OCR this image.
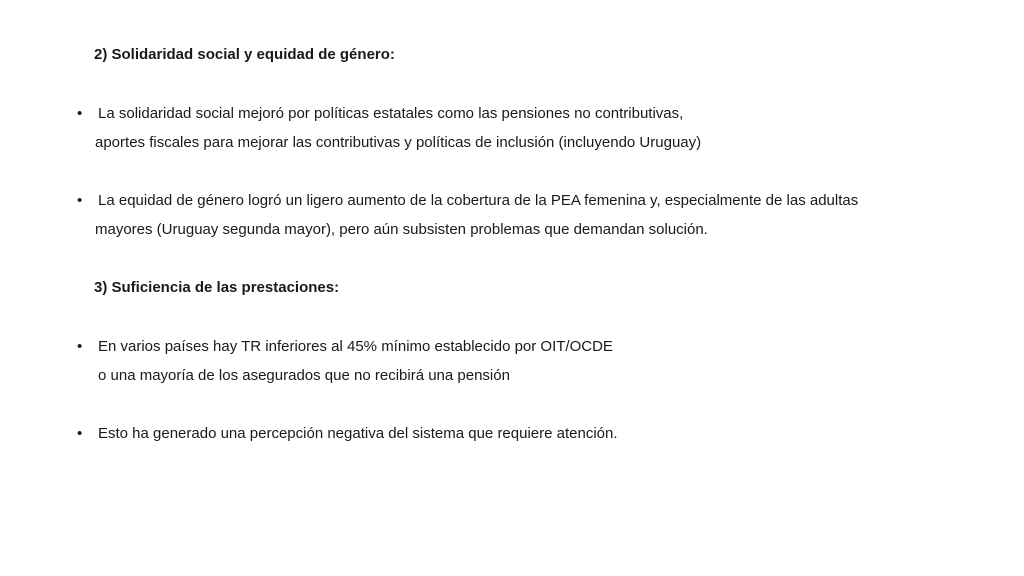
2) Solidaridad social y equidad de género:
• La solidaridad social mejoró por políticas estatales como las pensiones no contributivas,
aportes fiscales para mejorar las contributivas y políticas de inclusión (incluyendo Uruguay)
• La equidad de género logró un ligero aumento de la cobertura de la PEA femenina y, especialmente de las adultas
mayores (Uruguay segunda mayor), pero aún subsisten problemas que demandan solución.
3) Suficiencia de las prestaciones:
• En varios países hay TR inferiores al 45% mínimo establecido por OIT/OCDE
o una mayoría de los asegurados que no recibirá una pensión
• Esto ha generado una percepción negativa del sistema que requiere atención.
